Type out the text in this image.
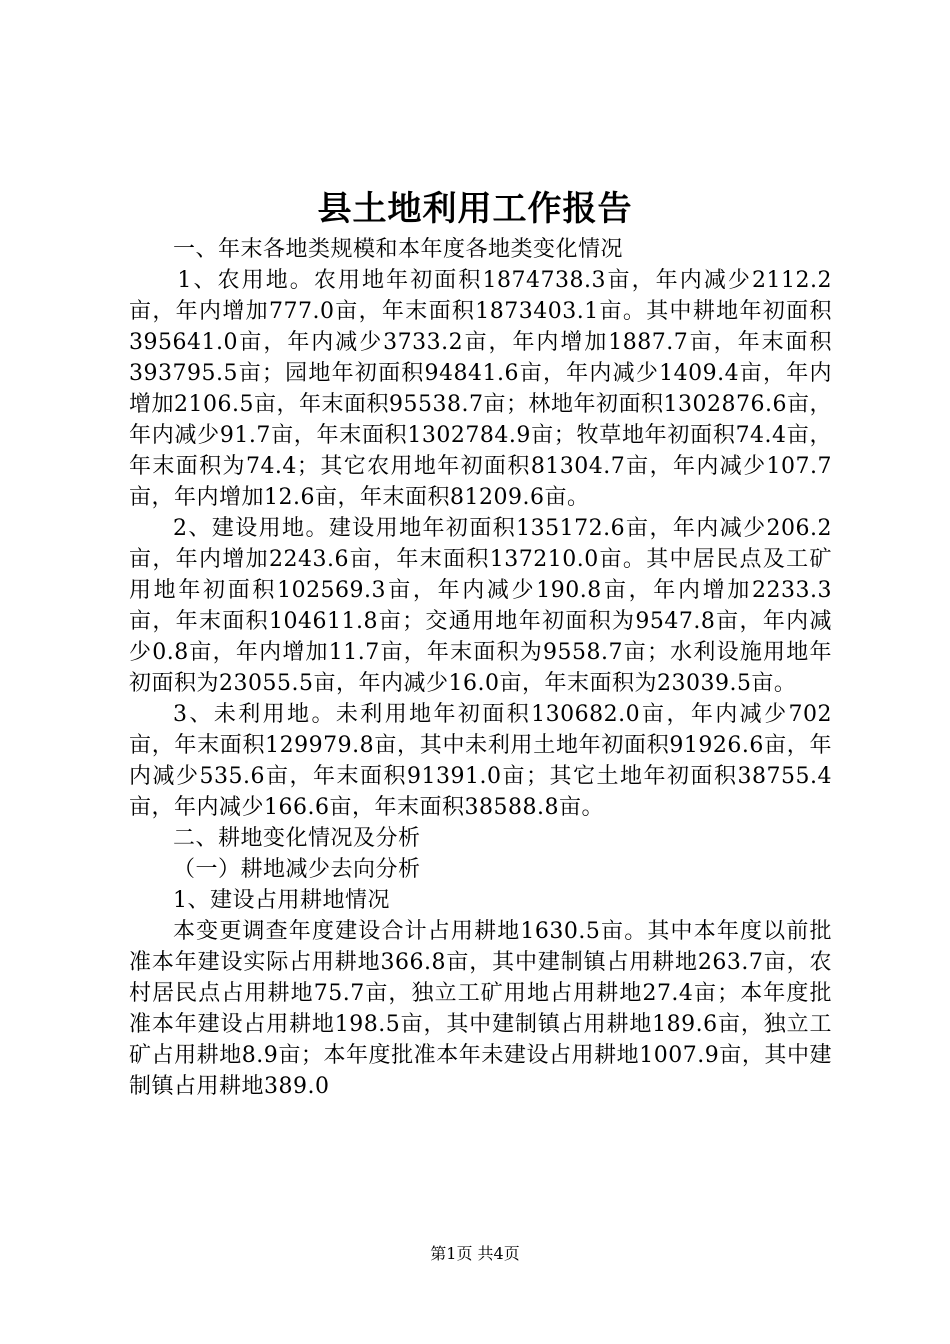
县土地利用工作报告

一、年末各地类规模和本年度各地类变化情况

1、农用地。农用地年初面积1874738.3亩，年内减少2112.2亩，年内增加777.0亩，年末面积1873403.1亩。其中耕地年初面积395641.0亩，年内减少3733.2亩，年内增加1887.7亩，年末面积393795.5亩；园地年初面积94841.6亩，年内减少1409.4亩，年内增加2106.5亩，年末面积95538.7亩；林地年初面积1302876.6亩，年内减少91.7亩，年末面积1302784.9亩；牧草地年初面积74.4亩，年末面积为74.4；其它农用地年初面积81304.7亩，年内减少107.7亩，年内增加12.6亩，年末面积81209.6亩。

2、建设用地。建设用地年初面积135172.6亩，年内减少206.2亩，年内增加2243.6亩，年末面积137210.0亩。其中居民点及工矿用地年初面积102569.3亩，年内减少190.8亩，年内增加2233.3亩，年末面积104611.8亩；交通用地年初面积为9547.8亩，年内减少0.8亩，年内增加11.7亩，年末面积为9558.7亩；水利设施用地年初面积为23055.5亩，年内减少16.0亩，年末面积为23039.5亩。

3、未利用地。未利用地年初面积130682.0亩，年内减少702亩，年末面积129979.8亩，其中未利用土地年初面积91926.6亩，年内减少535.6亩，年末面积91391.0亩；其它土地年初面积38755.4亩，年内减少166.6亩，年末面积38588.8亩。

二、耕地变化情况及分析

（一）耕地减少去向分析

1、建设占用耕地情况

本变更调查年度建设合计占用耕地1630.5亩。其中本年度以前批准本年建设实际占用耕地366.8亩，其中建制镇占用耕地263.7亩，农村居民点占用耕地75.7亩，独立工矿用地占用耕地27.4亩；本年度批准本年建设占用耕地198.5亩，其中建制镇占用耕地189.6亩，独立工矿占用耕地8.9亩；本年度批准本年未建设占用耕地1007.9亩，其中建制镇占用耕地389.0

第1页 共4页
